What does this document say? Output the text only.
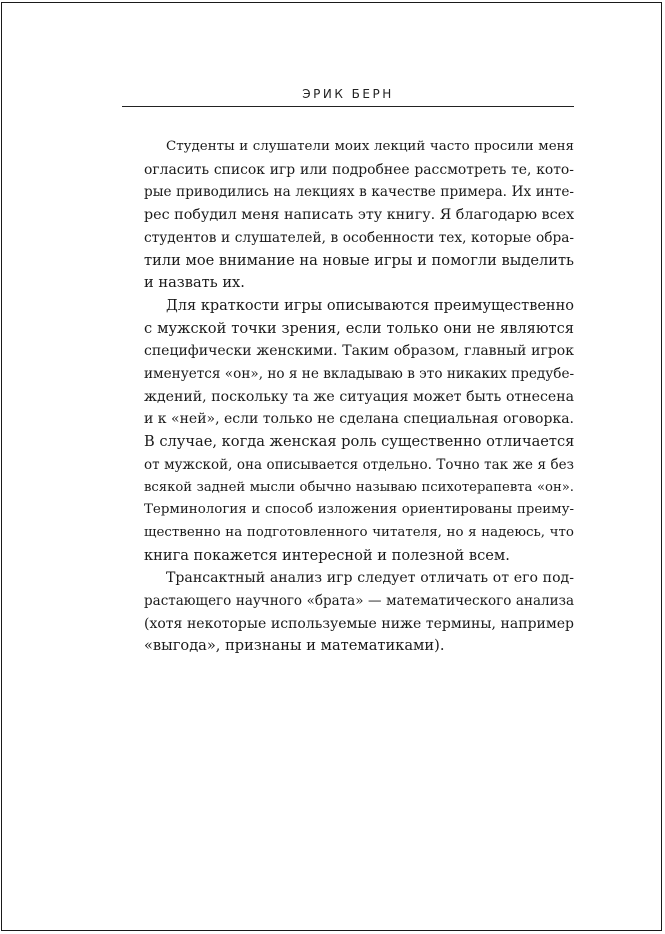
ЭРИК БЕРН

Студенты и слушатели моих лекций часто просили меня
огласить список игр или подробнее рассмотреть те, кото-
рые приводились на лекциях в качестве примера. Их инте-
рес побудил меня написать эту книгу. Я благодарю всех
студентов и слушателей, в особенности тех, которые обра-
тили мое внимание на новые игры и помогли выделить
и назвать их.

Для краткости игры описываются преимущественно
с мужской точки зрения, если только они не являются
специфически женскими. Таким образом, главный игрок
именуется «он», но я не вкладываю в это никаких предубе-
ждений, поскольку та же ситуация может быть отнесена
и к «ней», если только не сделана специальная оговорка.
В случае, когда женская роль существенно отличается
от мужской, она описывается отдельно. Точно так же я без
всякой задней мысли обычно называю психотерапевта «он».
Терминология и способ изложения ориентированы преиму-
щественно на подготовленного читателя, но я надеюсь, что
книга покажется интересной и полезной всем.

Трансактный анализ игр следует отличать от его под-
растающего научного «брата» — математического анализа
(хотя некоторые используемые ниже термины, например
«выгода», признаны и математиками).
